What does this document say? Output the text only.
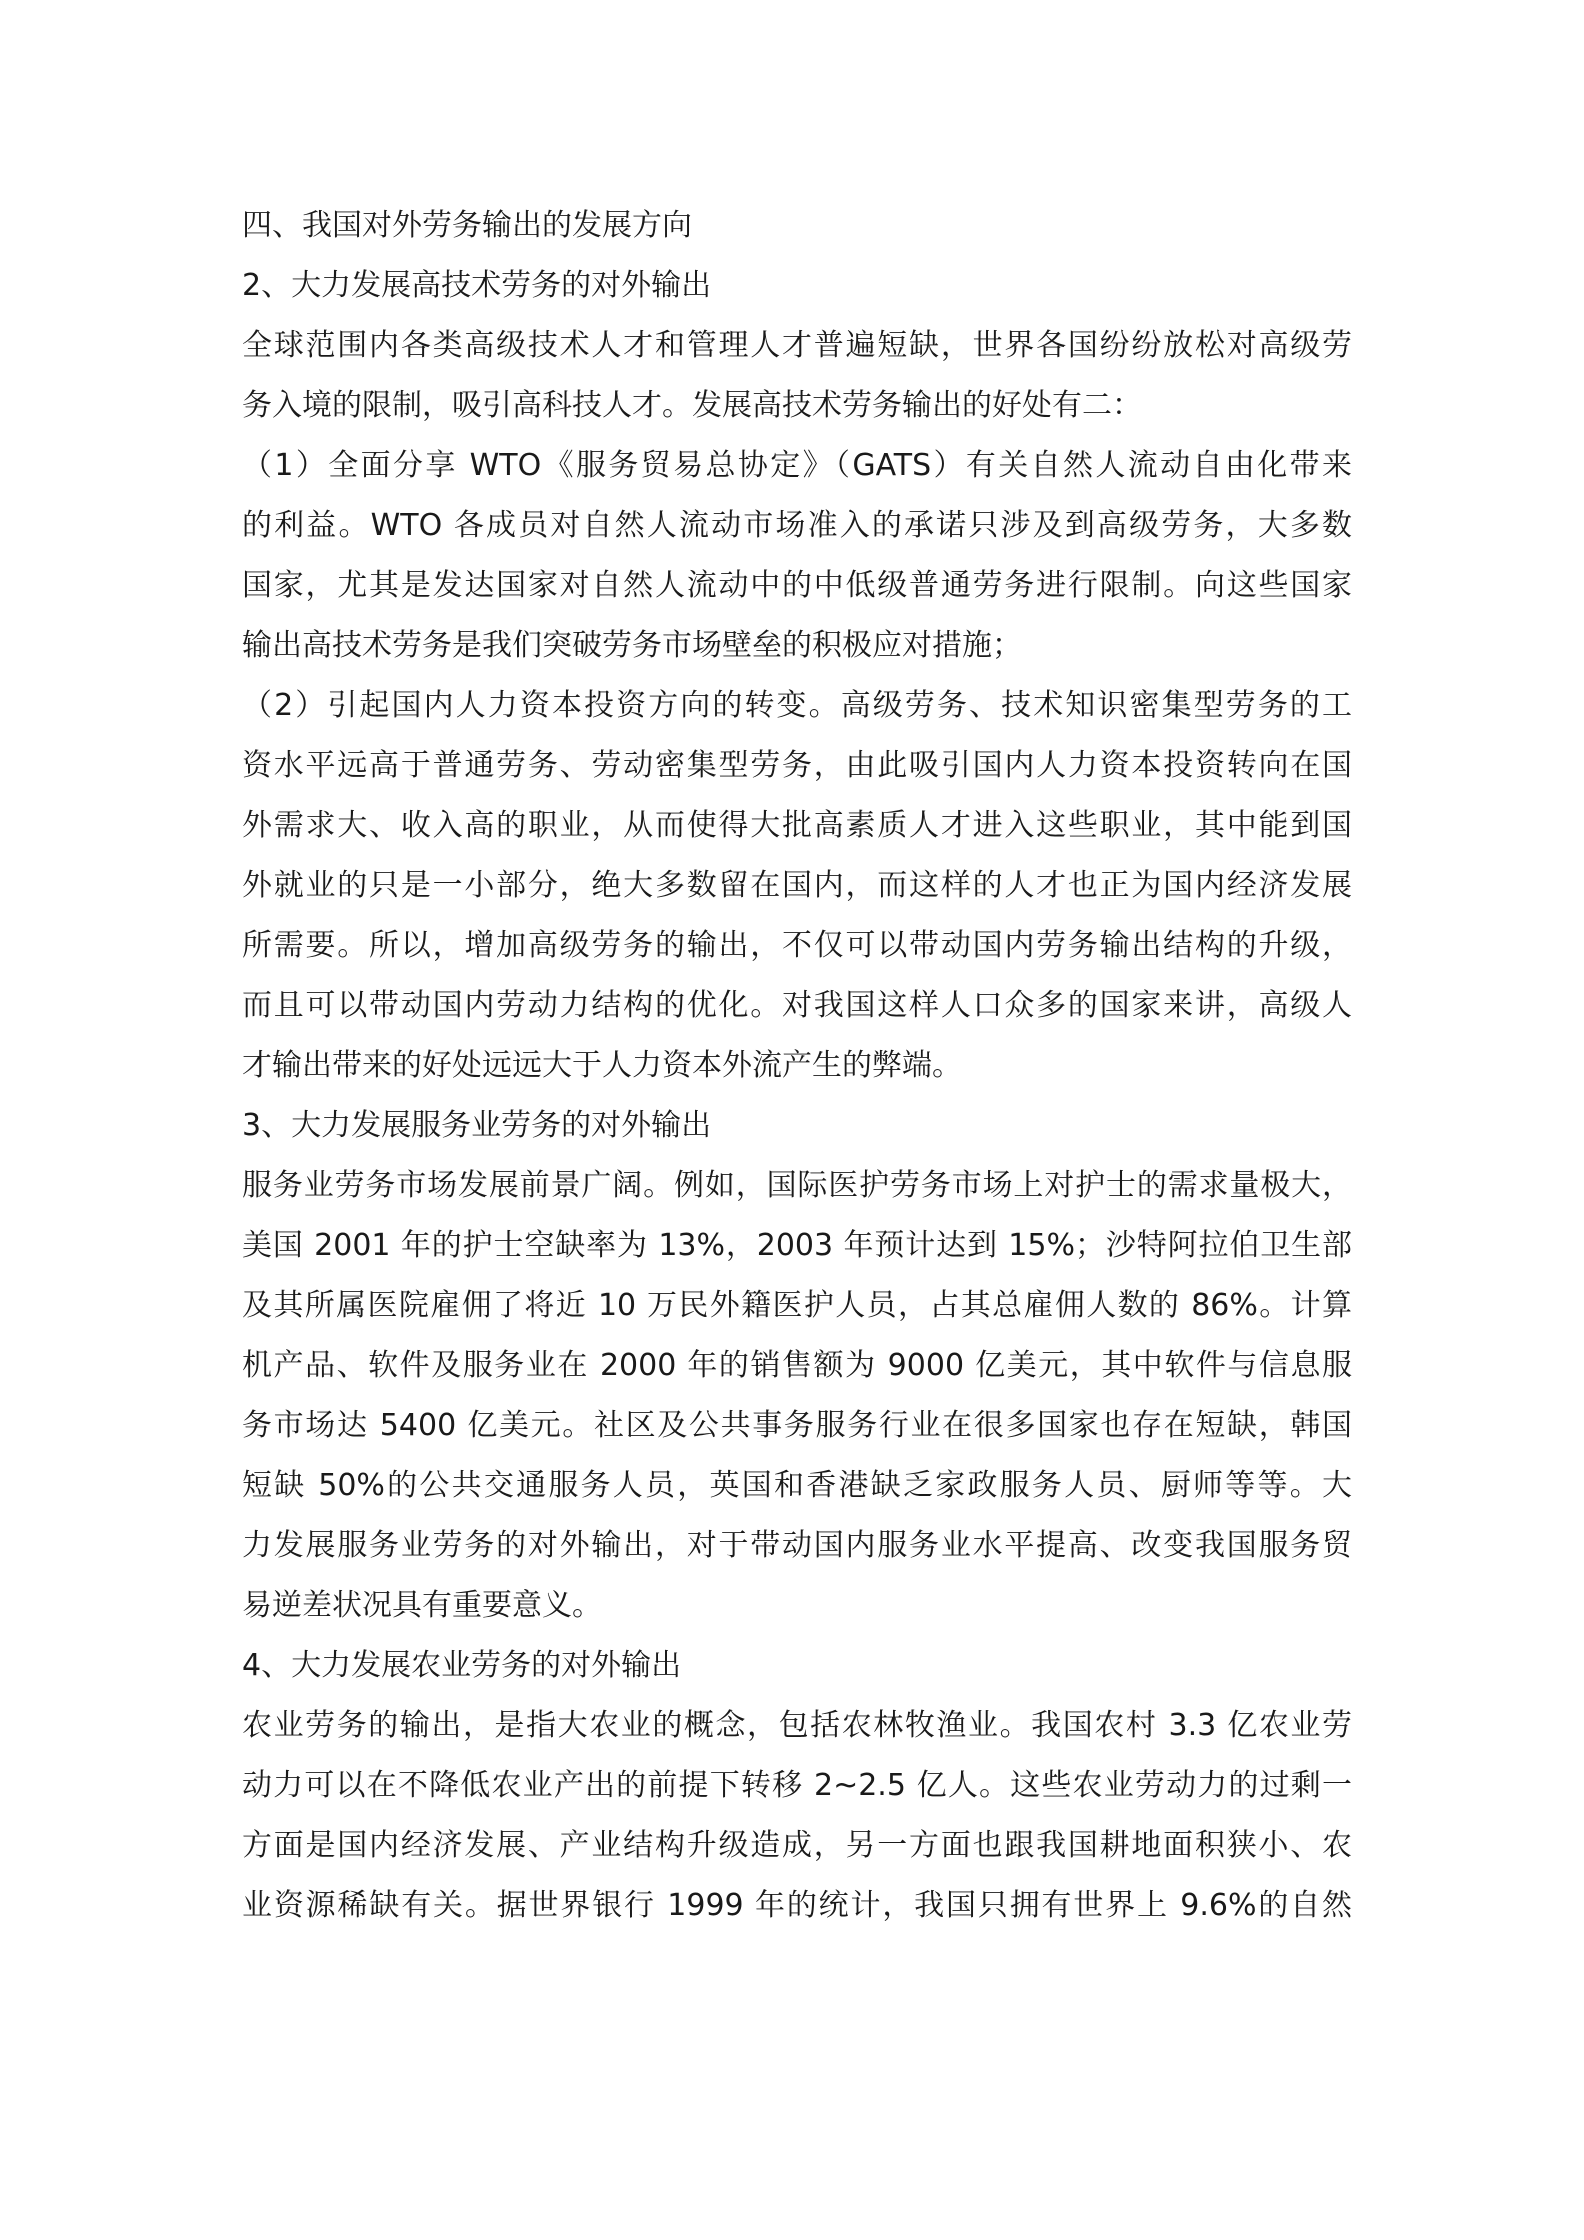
四、我国对外劳务输出的发展方向
2、大力发展高技术劳务的对外输出
全球范围内各类高级技术人才和管理人才普遍短缺，世界各国纷纷放松对高级劳
务入境的限制，吸引高科技人才。发展高技术劳务输出的好处有二：
（1）全面分享 WTO《服务贸易总协定》（GATS）有关自然人流动自由化带来
的利益。WTO 各成员对自然人流动市场准入的承诺只涉及到高级劳务，大多数
国家，尤其是发达国家对自然人流动中的中低级普通劳务进行限制。向这些国家
输出高技术劳务是我们突破劳务市场壁垒的积极应对措施；
（2）引起国内人力资本投资方向的转变。高级劳务、技术知识密集型劳务的工
资水平远高于普通劳务、劳动密集型劳务，由此吸引国内人力资本投资转向在国
外需求大、收入高的职业，从而使得大批高素质人才进入这些职业，其中能到国
外就业的只是一小部分，绝大多数留在国内，而这样的人才也正为国内经济发展
所需要。所以，增加高级劳务的输出，不仅可以带动国内劳务输出结构的升级，
而且可以带动国内劳动力结构的优化。对我国这样人口众多的国家来讲，高级人
才输出带来的好处远远大于人力资本外流产生的弊端。
3、大力发展服务业劳务的对外输出
服务业劳务市场发展前景广阔。例如，国际医护劳务市场上对护士的需求量极大，
美国 2001 年的护士空缺率为 13%，2003 年预计达到 15%；沙特阿拉伯卫生部
及其所属医院雇佣了将近 10 万民外籍医护人员，占其总雇佣人数的 86%。计算
机产品、软件及服务业在 2000 年的销售额为 9000 亿美元，其中软件与信息服
务市场达 5400 亿美元。社区及公共事务服务行业在很多国家也存在短缺，韩国
短缺 50%的公共交通服务人员，英国和香港缺乏家政服务人员、厨师等等。大
力发展服务业劳务的对外输出，对于带动国内服务业水平提高、改变我国服务贸
易逆差状况具有重要意义。
4、大力发展农业劳务的对外输出
农业劳务的输出，是指大农业的概念，包括农林牧渔业。我国农村 3.3 亿农业劳
动力可以在不降低农业产出的前提下转移 2~2.5 亿人。这些农业劳动力的过剩一
方面是国内经济发展、产业结构升级造成，另一方面也跟我国耕地面积狭小、农
业资源稀缺有关。据世界银行 1999 年的统计，我国只拥有世界上 9.6%的自然
